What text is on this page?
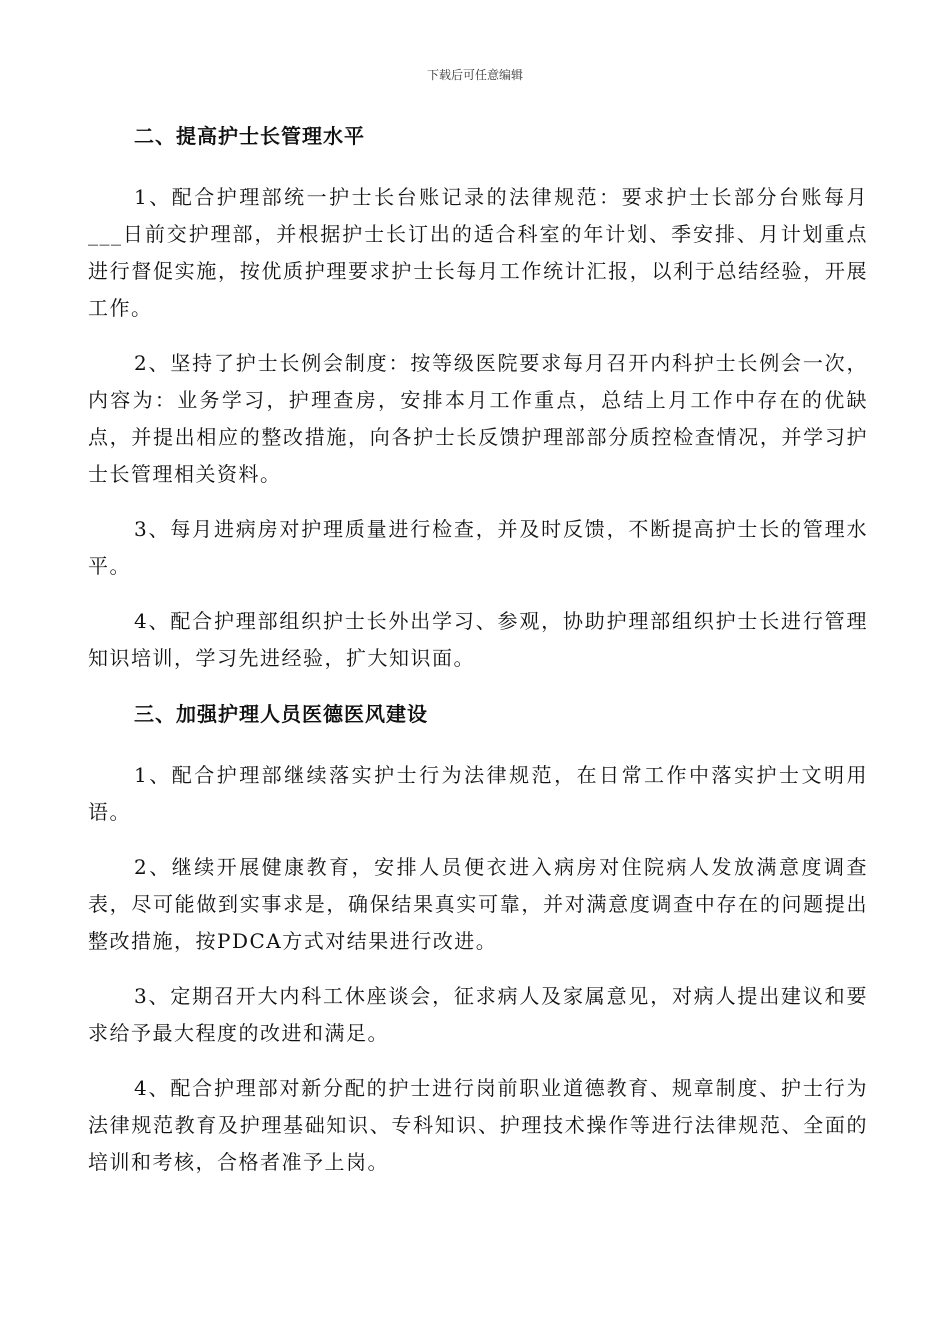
下载后可任意编辑
二、提高护士长管理水平

1、配合护理部统一护士长台账记录的法律规范：要求护士长部分台账每月___日前交护理部，并根据护士长订出的适合科室的年计划、季安排、月计划重点进行督促实施，按优质护理要求护士长每月工作统计汇报，以利于总结经验，开展工作。

2、坚持了护士长例会制度：按等级医院要求每月召开内科护士长例会一次，内容为：业务学习，护理查房，安排本月工作重点，总结上月工作中存在的优缺点，并提出相应的整改措施，向各护士长反馈护理部部分质控检查情况，并学习护士长管理相关资料。

3、每月进病房对护理质量进行检查，并及时反馈，不断提高护士长的管理水平。

4、配合护理部组织护士长外出学习、参观，协助护理部组织护士长进行管理知识培训，学习先进经验，扩大知识面。

三、加强护理人员医德医风建设

1、配合护理部继续落实护士行为法律规范，在日常工作中落实护士文明用语。

2、继续开展健康教育，安排人员便衣进入病房对住院病人发放满意度调查表，尽可能做到实事求是，确保结果真实可靠，并对满意度调查中存在的问题提出整改措施，按PDCA方式对结果进行改进。

3、定期召开大内科工休座谈会，征求病人及家属意见，对病人提出建议和要求给予最大程度的改进和满足。

4、配合护理部对新分配的护士进行岗前职业道德教育、规章制度、护士行为法律规范教育及护理基础知识、专科知识、护理技术操作等进行法律规范、全面的培训和考核，合格者准予上岗。
